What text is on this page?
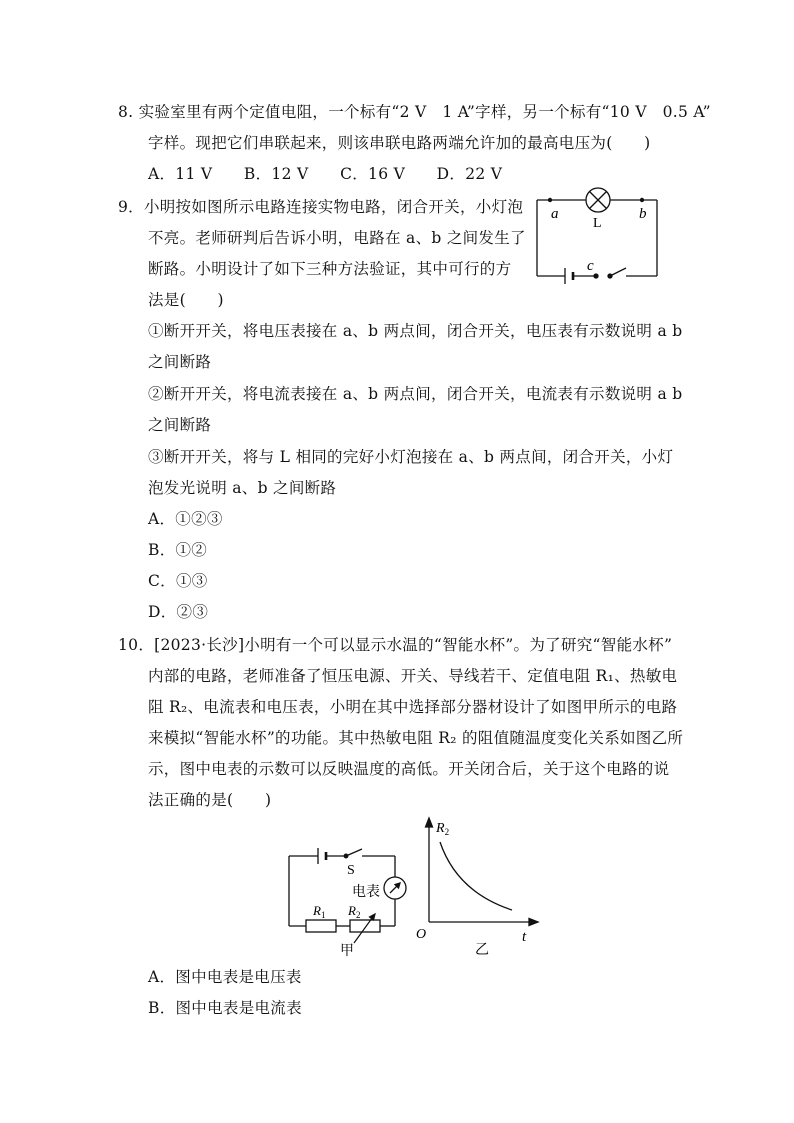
8. 实验室里有两个定值电阻，一个标有“2 V　1 A”字样，另一个标有“10 V　0.5 A”
字样。现把它们串联起来，则该串联电路两端允许加的最高电压为(　　)
A．11 V　　B．12 V　　C．16 V　　D．22 V
9．小明按如图所示电路连接实物电路，闭合开关，小灯泡
不亮。老师研判后告诉小明，电路在 a、b 之间发生了
断路。小明设计了如下三种方法验证，其中可行的方
法是(　　)
a	b
L
c
①断开开关，将电压表接在 a、b 两点间，闭合开关，电压表有示数说明 a b
之间断路
②断开开关，将电流表接在 a、b 两点间，闭合开关，电流表有示数说明 a b
之间断路
③断开开关，将与 L 相同的完好小灯泡接在 a、b 两点间，闭合开关，小灯
泡发光说明 a、b 之间断路
A．①②③
B．①②
C．①③
D．②③
10．[2023·长沙]小明有一个可以显示水温的“智能水杯”。为了研究“智能水杯”
内部的电路，老师准备了恒压电源、开关、导线若干、定值电阻 R₁、热敏电
阻 R₂、电流表和电压表，小明在其中选择部分器材设计了如图甲所示的电路
来模拟“智能水杯”的功能。其中热敏电阻 R₂ 的阻值随温度变化关系如图乙所
示，图中电表的示数可以反映温度的高低。开关闭合后，关于这个电路的说
法正确的是(　　)
S
电表
$R_1$ $R_2$
甲
$R_2$
O	t
乙
A．图中电表是电压表
B．图中电表是电流表
